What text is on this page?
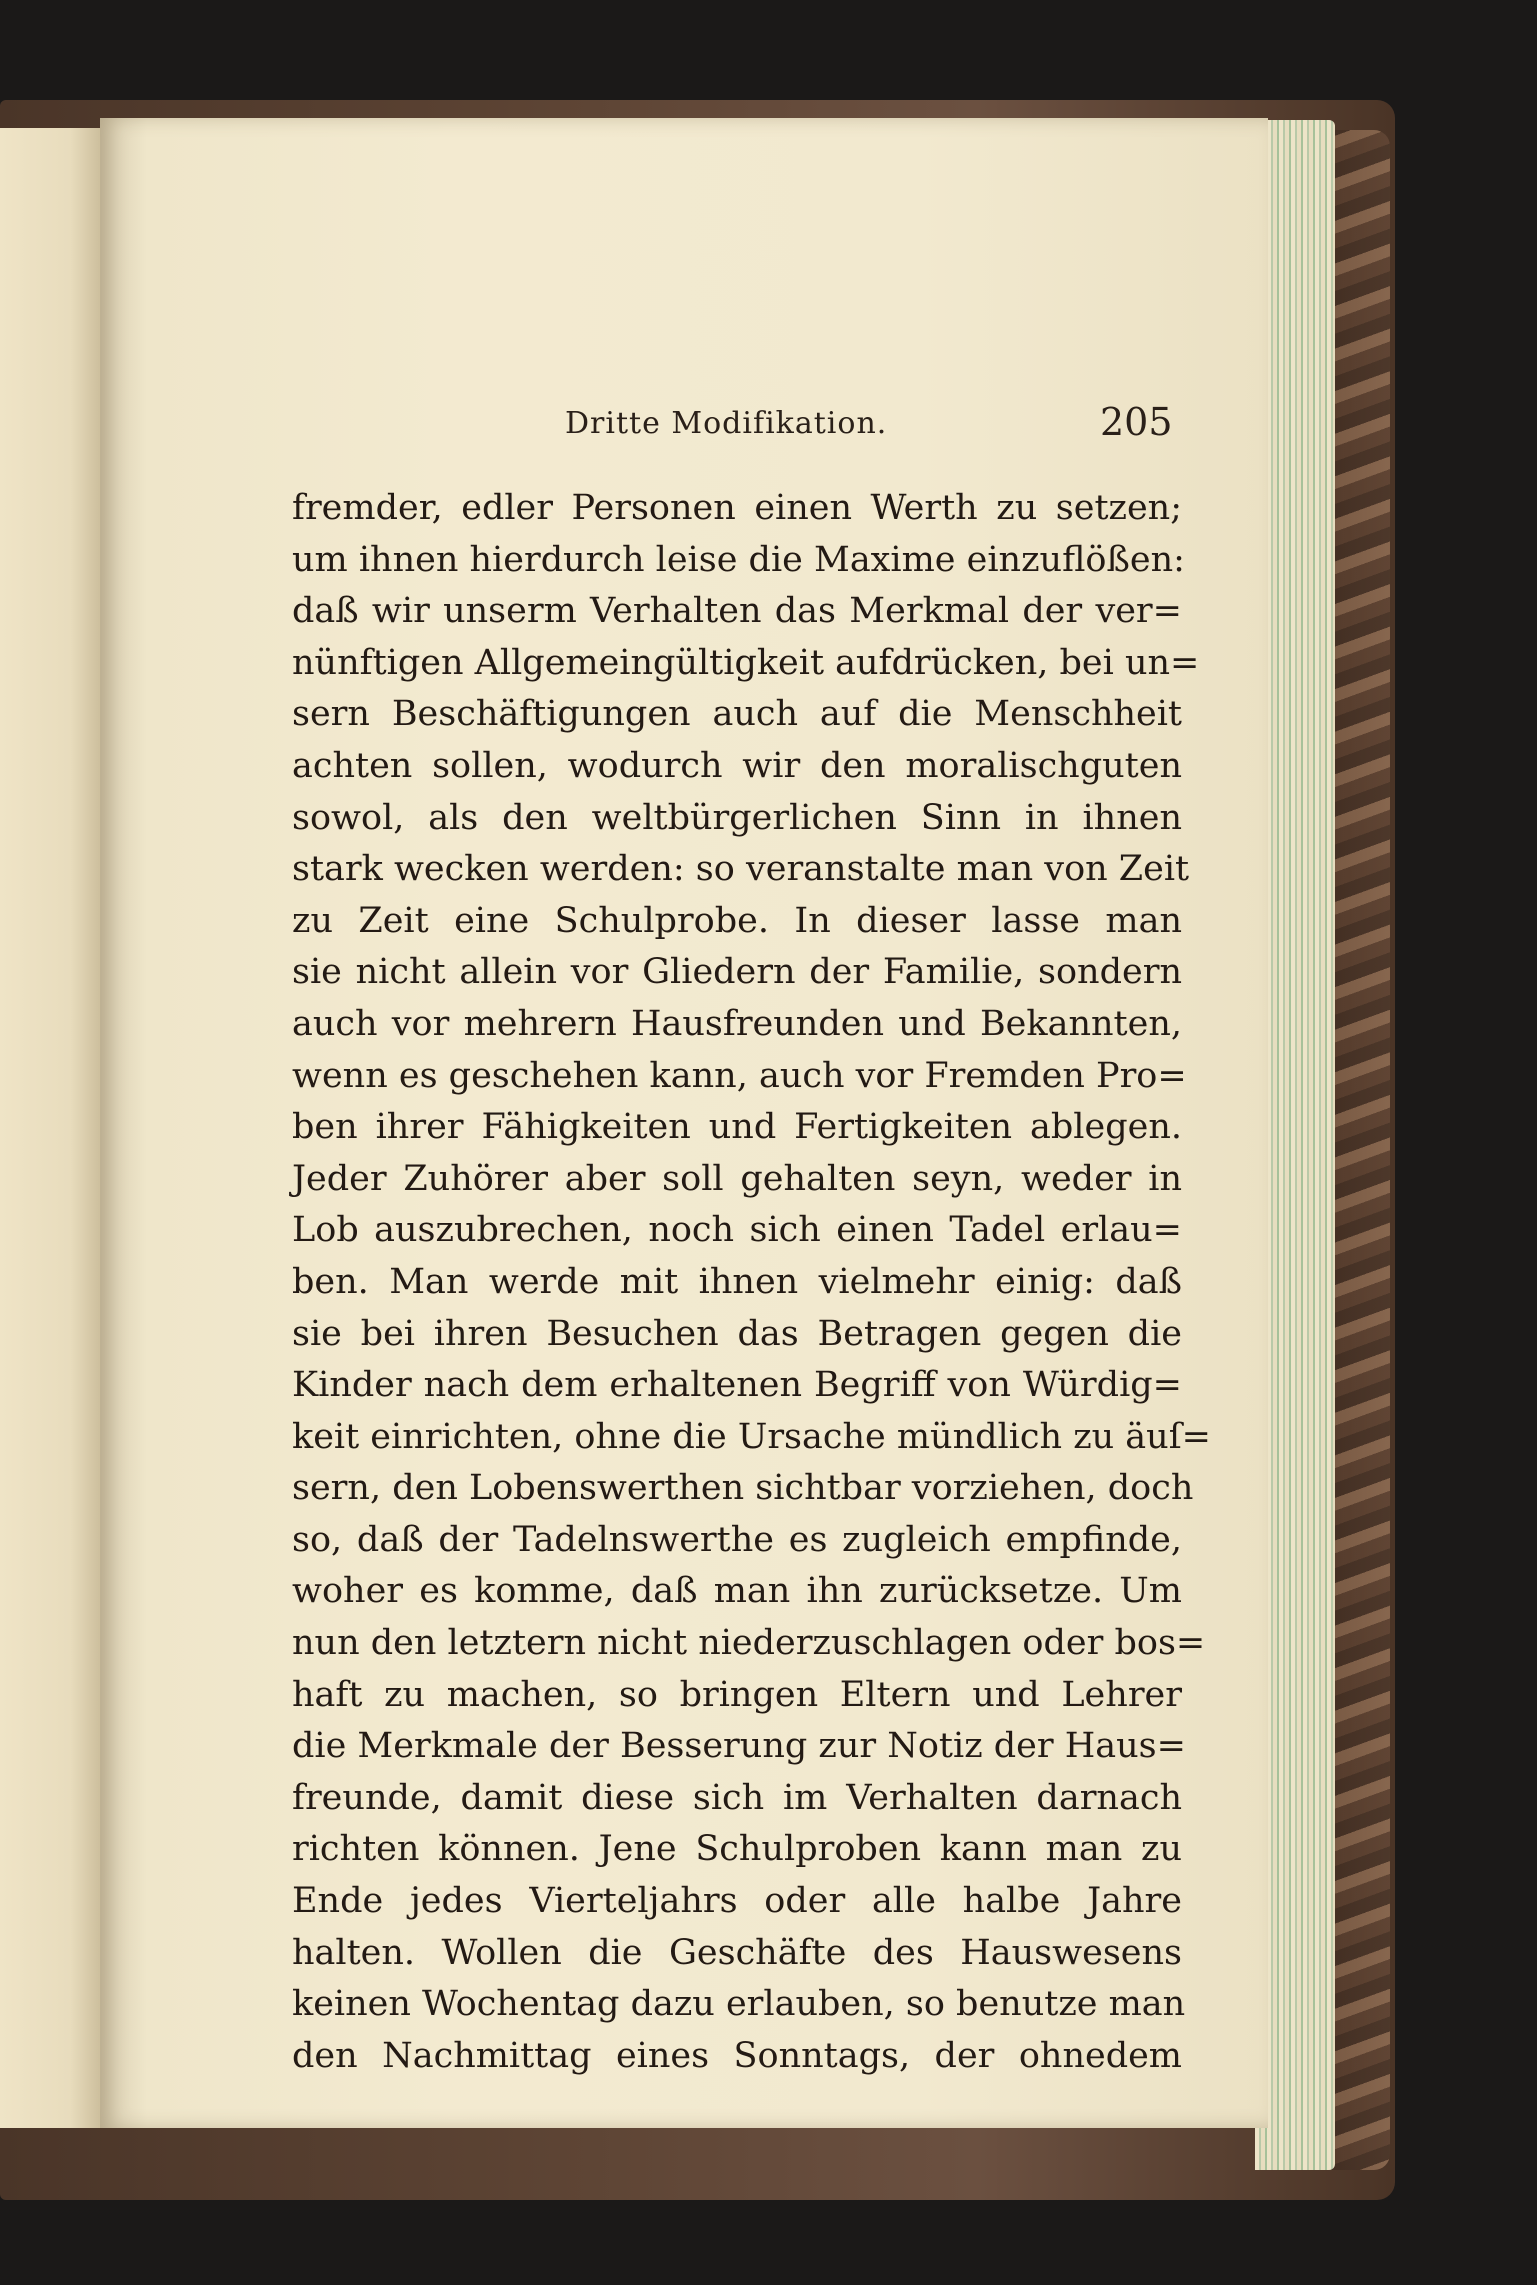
Dritte Modifikation.	205
fremder, edler Personen einen Werth zu setzen;
um ihnen hierdurch leise die Maxime einzuflößen:
daß wir unserm Verhalten das Merkmal der ver=
nünftigen Allgemeingültigkeit aufdrücken, bei un=
sern Beschäftigungen auch auf die Menschheit
achten sollen, wodurch wir den moralischguten
sowol, als den weltbürgerlichen Sinn in ihnen
stark wecken werden: so veranstalte man von Zeit
zu Zeit eine Schulprobe. In dieser lasse man
sie nicht allein vor Gliedern der Familie, sondern
auch vor mehrern Hausfreunden und Bekannten,
wenn es geschehen kann, auch vor Fremden Pro=
ben ihrer Fähigkeiten und Fertigkeiten ablegen.
Jeder Zuhörer aber soll gehalten seyn, weder in
Lob auszubrechen, noch sich einen Tadel erlau=
ben. Man werde mit ihnen vielmehr einig: daß
sie bei ihren Besuchen das Betragen gegen die
Kinder nach dem erhaltenen Begriff von Würdig=
keit einrichten, ohne die Ursache mündlich zu äuſ=
sern, den Lobenswerthen sichtbar vorziehen, doch
so, daß der Tadelnswerthe es zugleich empfinde,
woher es komme, daß man ihn zurücksetze. Um
nun den letztern nicht niederzuschlagen oder bos=
haft zu machen, so bringen Eltern und Lehrer
die Merkmale der Besserung zur Notiz der Haus=
freunde, damit diese sich im Verhalten darnach
richten können. Jene Schulproben kann man zu
Ende jedes Vierteljahrs oder alle halbe Jahre
halten. Wollen die Geschäfte des Hauswesens
keinen Wochentag dazu erlauben, so benutze man
den Nachmittag eines Sonntags, der ohnedem
